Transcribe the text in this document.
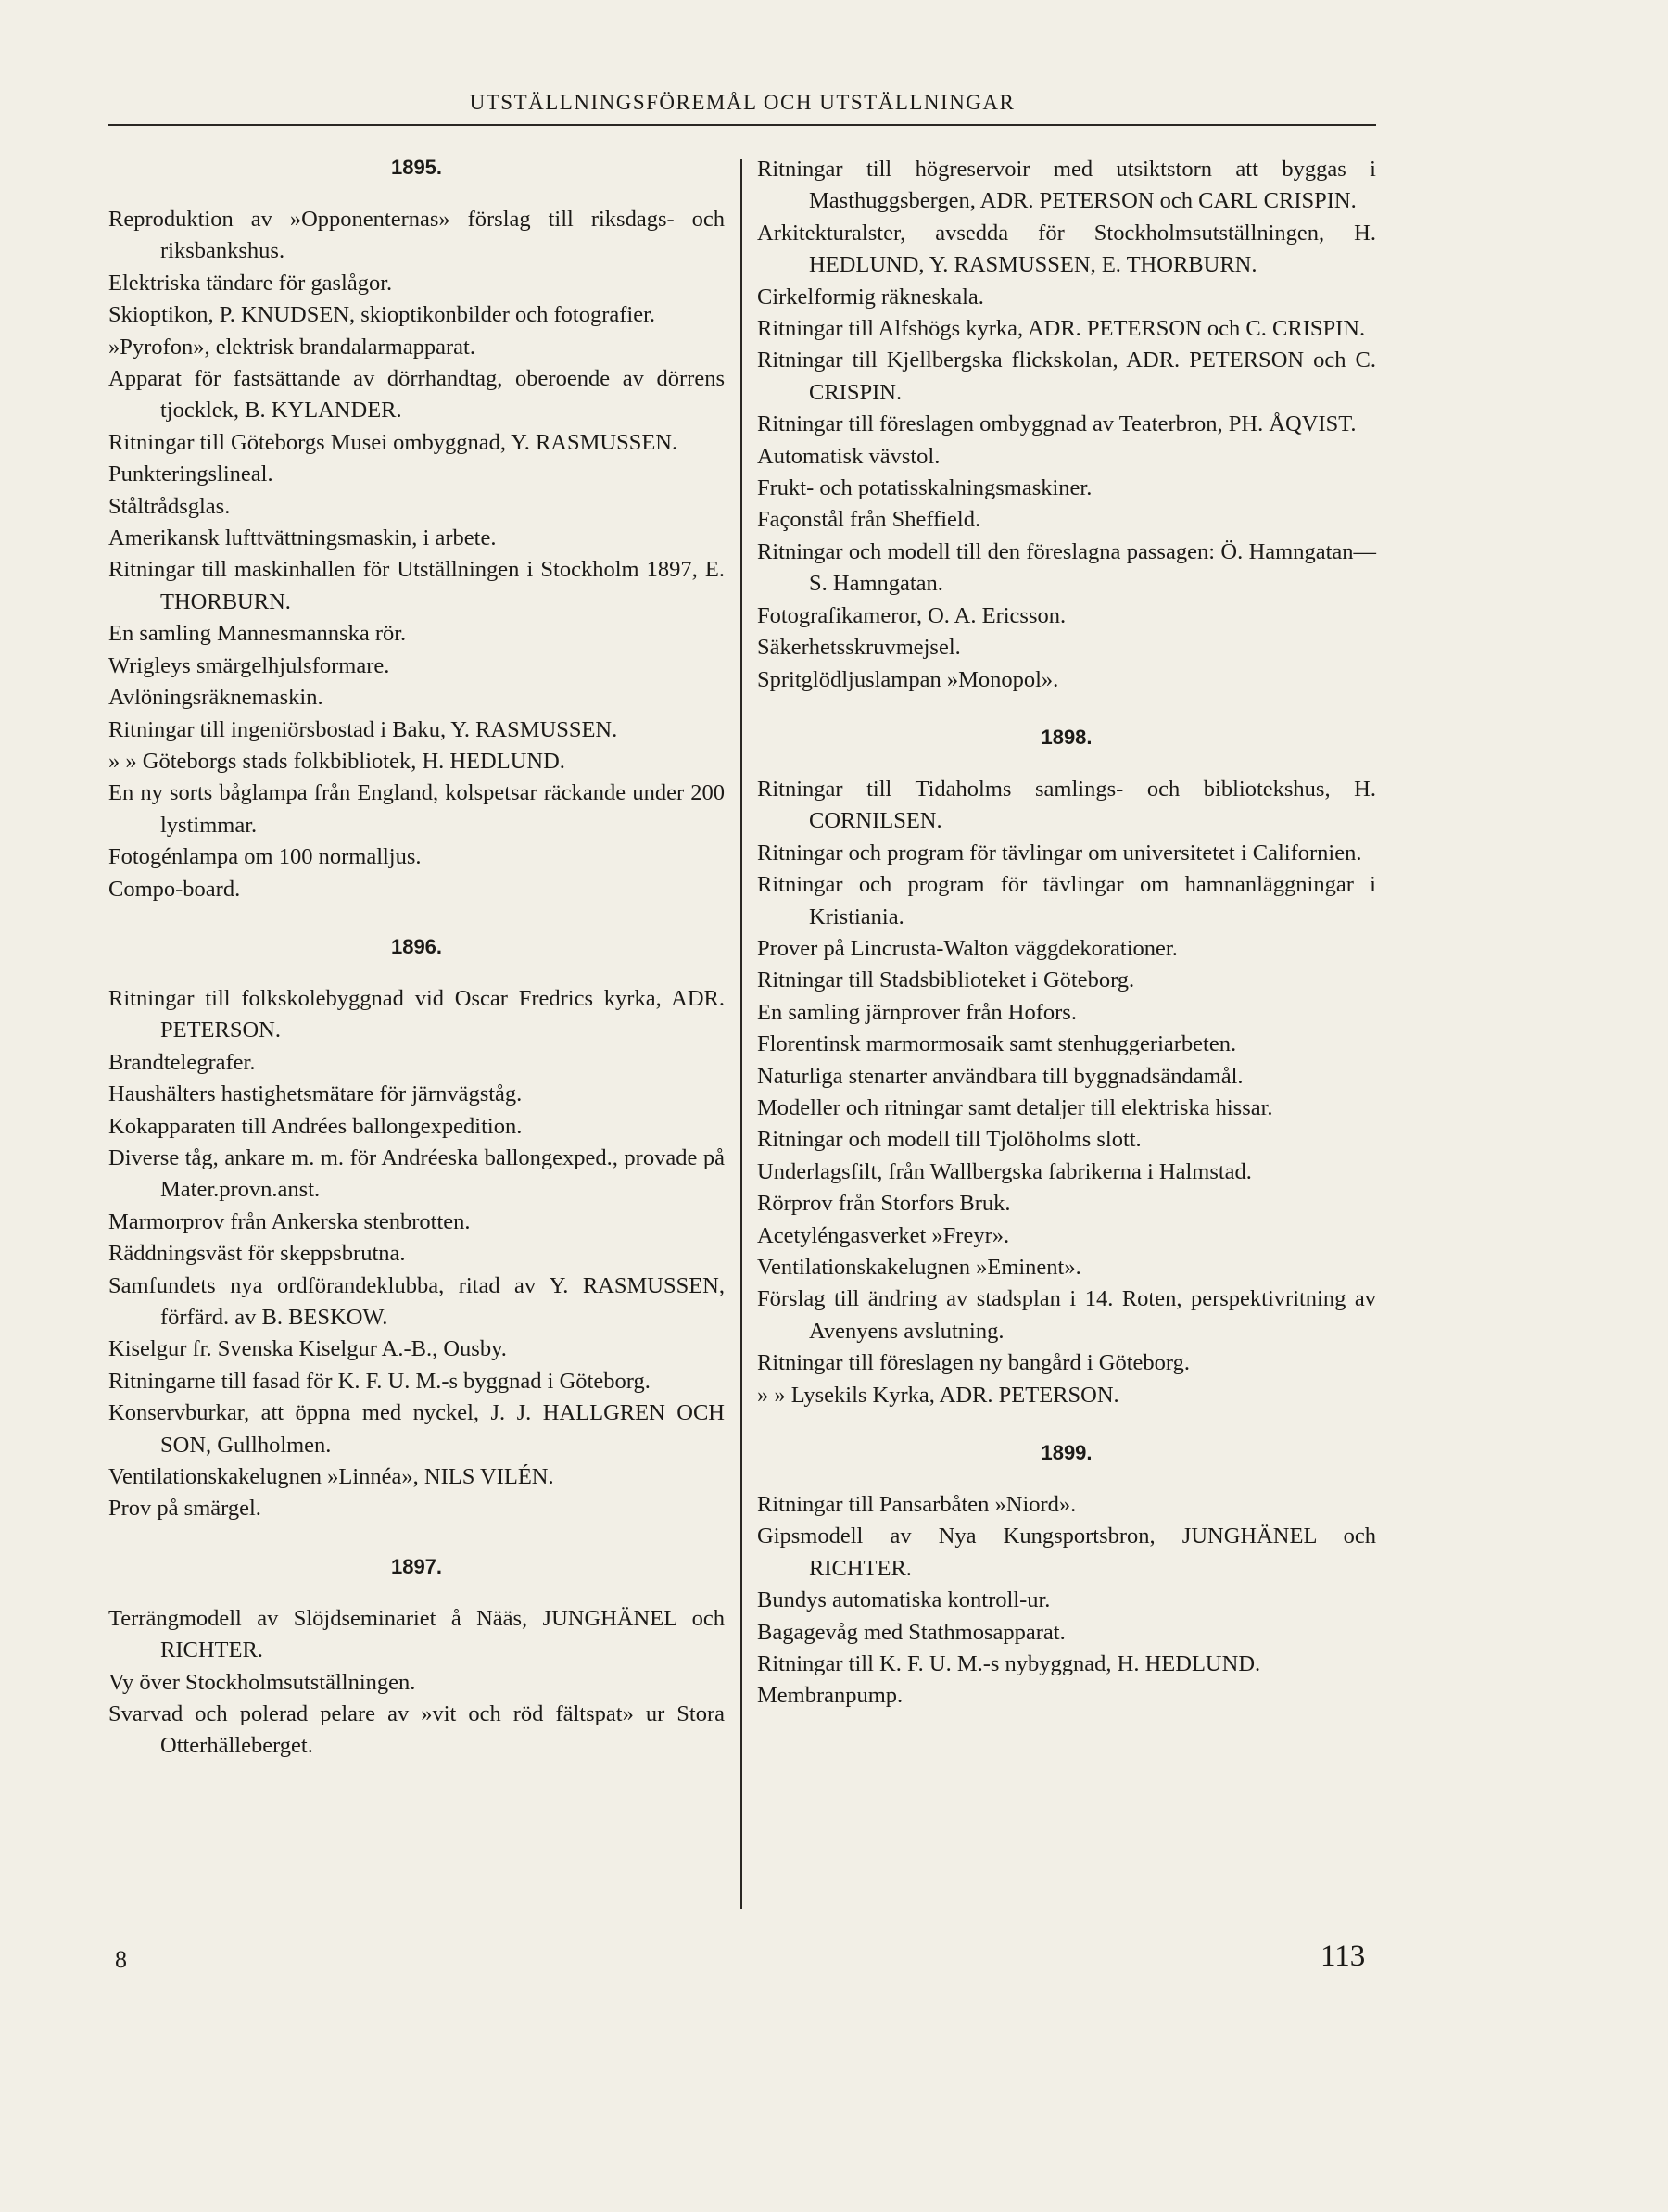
UTSTÄLLNINGSFÖREMÅL OCH UTSTÄLLNINGAR
1895.
Reproduktion av »Opponenternas» förslag till riksdags- och riksbankshus.
Elektriska tändare för gaslågor.
Skioptikon, P. KNUDSEN, skioptikonbilder och fotografier.
»Pyrofon», elektrisk brandalarmapparat.
Apparat för fastsättande av dörrhandtag, oberoende av dörrens tjocklek, B. KYLANDER.
Ritningar till Göteborgs Musei ombyggnad, Y. RASMUSSEN.
Punkteringslineal.
Ståltrådsglas.
Amerikansk lufttvättningsmaskin, i arbete.
Ritningar till maskinhallen för Utställningen i Stockholm 1897, E. THORBURN.
En samling Mannesmannska rör.
Wrigleys smärgelhjulsformare.
Avlöningsräknemaskin.
Ritningar till ingeniörsbostad i Baku, Y. RASMUSSEN.
» » Göteborgs stads folkbibliotek, H. HEDLUND.
En ny sorts båglampa från England, kolspetsar räckande under 200 lystimmar.
Fotogénlampa om 100 normalljus.
Compo-board.
1896.
Ritningar till folkskolebyggnad vid Oscar Fredrics kyrka, ADR. PETERSON.
Brandtelegrafer.
Haushälters hastighetsmätare för järnvägståg.
Kokapparaten till Andrées ballongexpedition.
Diverse tåg, ankare m. m. för Andréeska ballongexped., provade på Mater.provn.anst.
Marmorprov från Ankerska stenbrotten.
Räddningsväst för skeppsbrutna.
Samfundets nya ordförandeklubba, ritad av Y. RASMUSSEN, förfärd. av B. BESKOW.
Kiselgur fr. Svenska Kiselgur A.-B., Ousby.
Ritningarne till fasad för K. F. U. M.-s byggnad i Göteborg.
Konservburkar, att öppna med nyckel, J. J. HALLGREN OCH SON, Gullholmen.
Ventilationskakelugnen »Linnéa», NILS VILÉN.
Prov på smärgel.
1897.
Terrängmodell av Slöjdseminariet å Nääs, JUNGHÄNEL och RICHTER.
Vy över Stockholmsutställningen.
Svarvad och polerad pelare av »vit och röd fältspat» ur Stora Otterhälleberget.
Ritningar till högreservoir med utsiktstorn att byggas i Masthuggsbergen, ADR. PETERSON och CARL CRISPIN.
Arkitekturalster, avsedda för Stockholmsutställningen, H. HEDLUND, Y. RASMUSSEN, E. THORBURN.
Cirkelformig räkneskala.
Ritningar till Alfshögs kyrka, ADR. PETERSON och C. CRISPIN.
Ritningar till Kjellbergska flickskolan, ADR. PETERSON och C. CRISPIN.
Ritningar till föreslagen ombyggnad av Teaterbron, PH. ÅQVIST.
Automatisk vävstol.
Frukt- och potatisskalningsmaskiner.
Façonstål från Sheffield.
Ritningar och modell till den föreslagna passagen: Ö. Hamngatan—S. Hamngatan.
Fotografikameror, O. A. Ericsson.
Säkerhetsskruvmejsel.
Spritglödljuslampan »Monopol».
1898.
Ritningar till Tidaholms samlings- och bibliotekshus, H. CORNILSEN.
Ritningar och program för tävlingar om universitetet i Californien.
Ritningar och program för tävlingar om hamnanläggningar i Kristiania.
Prover på Lincrusta-Walton väggdekorationer.
Ritningar till Stadsbiblioteket i Göteborg.
En samling järnprover från Hofors.
Florentinsk marmormosaik samt stenhuggeriarbeten.
Naturliga stenarter användbara till byggnadsändamål.
Modeller och ritningar samt detaljer till elektriska hissar.
Ritningar och modell till Tjolöholms slott.
Underlagsfilt, från Wallbergska fabrikerna i Halmstad.
Rörprov från Storfors Bruk.
Acetyléngasverket »Freyr».
Ventilationskakelugnen »Eminent».
Förslag till ändring av stadsplan i 14. Roten, perspektivritning av Avenyens avslutning.
Ritningar till föreslagen ny bangård i Göteborg.
» » Lysekils Kyrka, ADR. PETERSON.
1899.
Ritningar till Pansarbåten »Niord».
Gipsmodell av Nya Kungsportsbron, JUNGHÄNEL och RICHTER.
Bundys automatiska kontroll-ur.
Bagagevåg med Stathmosapparat.
Ritningar till K. F. U. M.-s nybyggnad, H. HEDLUND.
Membranpump.
8	113
